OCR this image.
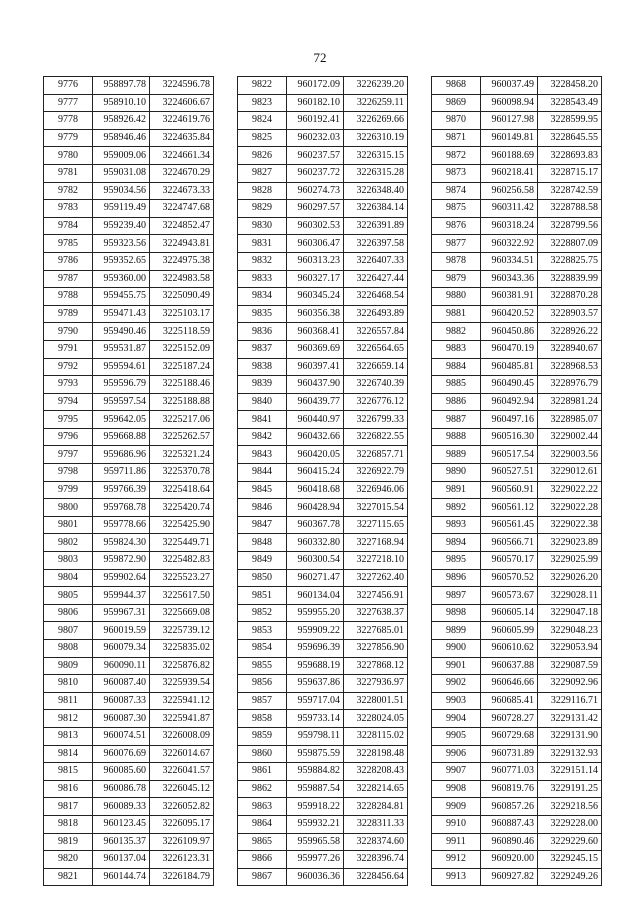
72
9776	958897.78	3224596.78
9777	958910.10	3224606.67
9778	958926.42	3224619.76
9779	958946.46	3224635.84
9780	959009.06	3224661.34
9781	959031.08	3224670.29
9782	959034.56	3224673.33
9783	959119.49	3224747.68
9784	959239.40	3224852.47
9785	959323.56	3224943.81
9786	959352.65	3224975.38
9787	959360.00	3224983.58
9788	959455.75	3225090.49
9789	959471.43	3225103.17
9790	959490.46	3225118.59
9791	959531.87	3225152.09
9792	959594.61	3225187.24
9793	959596.79	3225188.46
9794	959597.54	3225188.88
9795	959642.05	3225217.06
9796	959668.88	3225262.57
9797	959686.96	3225321.24
9798	959711.86	3225370.78
9799	959766.39	3225418.64
9800	959768.78	3225420.74
9801	959778.66	3225425.90
9802	959824.30	3225449.71
9803	959872.90	3225482.83
9804	959902.64	3225523.27
9805	959944.37	3225617.50
9806	959967.31	3225669.08
9807	960019.59	3225739.12
9808	960079.34	3225835.02
9809	960090.11	3225876.82
9810	960087.40	3225939.54
9811	960087.33	3225941.12
9812	960087.30	3225941.87
9813	960074.51	3226008.09
9814	960076.69	3226014.67
9815	960085.60	3226041.57
9816	960086.78	3226045.12
9817	960089.33	3226052.82
9818	960123.45	3226095.17
9819	960135.37	3226109.97
9820	960137.04	3226123.31
9821	960144.74	3226184.79
9822	960172.09	3226239.20
9823	960182.10	3226259.11
9824	960192.41	3226269.66
9825	960232.03	3226310.19
9826	960237.57	3226315.15
9827	960237.72	3226315.28
9828	960274.73	3226348.40
9829	960297.57	3226384.14
9830	960302.53	3226391.89
9831	960306.47	3226397.58
9832	960313.23	3226407.33
9833	960327.17	3226427.44
9834	960345.24	3226468.54
9835	960356.38	3226493.89
9836	960368.41	3226557.84
9837	960369.69	3226564.65
9838	960397.41	3226659.14
9839	960437.90	3226740.39
9840	960439.77	3226776.12
9841	960440.97	3226799.33
9842	960432.66	3226822.55
9843	960420.05	3226857.71
9844	960415.24	3226922.79
9845	960418.68	3226946.06
9846	960428.94	3227015.54
9847	960367.78	3227115.65
9848	960332.80	3227168.94
9849	960300.54	3227218.10
9850	960271.47	3227262.40
9851	960134.04	3227456.91
9852	959955.20	3227638.37
9853	959909.22	3227685.01
9854	959696.39	3227856.90
9855	959688.19	3227868.12
9856	959637.86	3227936.97
9857	959717.04	3228001.51
9858	959733.14	3228024.05
9859	959798.11	3228115.02
9860	959875.59	3228198.48
9861	959884.82	3228208.43
9862	959887.54	3228214.65
9863	959918.22	3228284.81
9864	959932.21	3228311.33
9865	959965.58	3228374.60
9866	959977.26	3228396.74
9867	960036.36	3228456.64
9868	960037.49	3228458.20
9869	960098.94	3228543.49
9870	960127.98	3228599.95
9871	960149.81	3228645.55
9872	960188.69	3228693.83
9873	960218.41	3228715.17
9874	960256.58	3228742.59
9875	960311.42	3228788.58
9876	960318.24	3228799.56
9877	960322.92	3228807.09
9878	960334.51	3228825.75
9879	960343.36	3228839.99
9880	960381.91	3228870.28
9881	960420.52	3228903.57
9882	960450.86	3228926.22
9883	960470.19	3228940.67
9884	960485.81	3228968.53
9885	960490.45	3228976.79
9886	960492.94	3228981.24
9887	960497.16	3228985.07
9888	960516.30	3229002.44
9889	960517.54	3229003.56
9890	960527.51	3229012.61
9891	960560.91	3229022.22
9892	960561.12	3229022.28
9893	960561.45	3229022.38
9894	960566.71	3229023.89
9895	960570.17	3229025.99
9896	960570.52	3229026.20
9897	960573.67	3229028.11
9898	960605.14	3229047.18
9899	960605.99	3229048.23
9900	960610.62	3229053.94
9901	960637.88	3229087.59
9902	960646.66	3229092.96
9903	960685.41	3229116.71
9904	960728.27	3229131.42
9905	960729.68	3229131.90
9906	960731.89	3229132.93
9907	960771.03	3229151.14
9908	960819.76	3229191.25
9909	960857.26	3229218.56
9910	960887.43	3229228.00
9911	960890.46	3229229.60
9912	960920.00	3229245.15
9913	960927.82	3229249.26
